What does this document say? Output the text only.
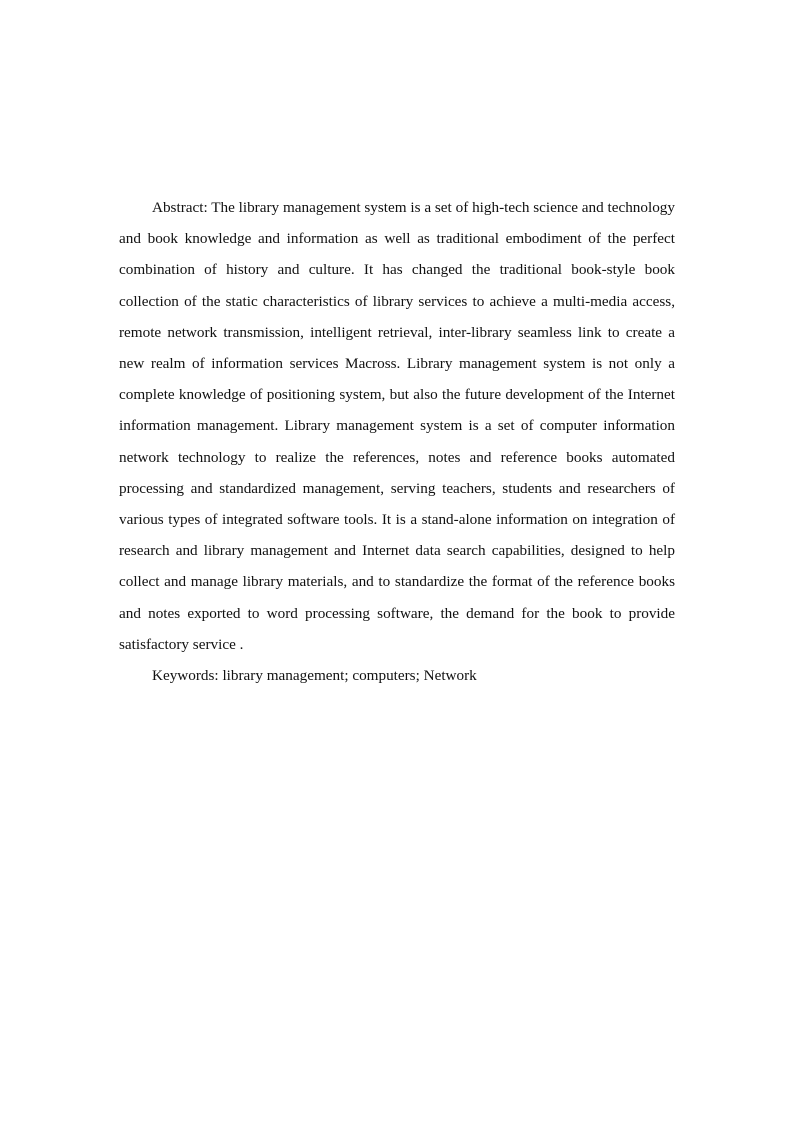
Abstract: The library management system is a set of high-tech science and technology and book knowledge and information as well as traditional embodiment of the perfect combination of history and culture. It has changed the traditional book-style book collection of the static characteristics of library services to achieve a multi-media access, remote network transmission, intelligent retrieval, inter-library seamless link to create a new realm of information services Macross. Library management system is not only a complete knowledge of positioning system, but also the future development of the Internet information management. Library management system is a set of computer information network technology to realize the references, notes and reference books automated processing and standardized management, serving teachers, students and researchers of various types of integrated software tools. It is a stand-alone information on integration of research and library management and Internet data search capabilities, designed to help collect and manage library materials, and to standardize the format of the reference books and notes exported to word processing software, the demand for the book to provide satisfactory service .

Keywords: library management; computers; Network
